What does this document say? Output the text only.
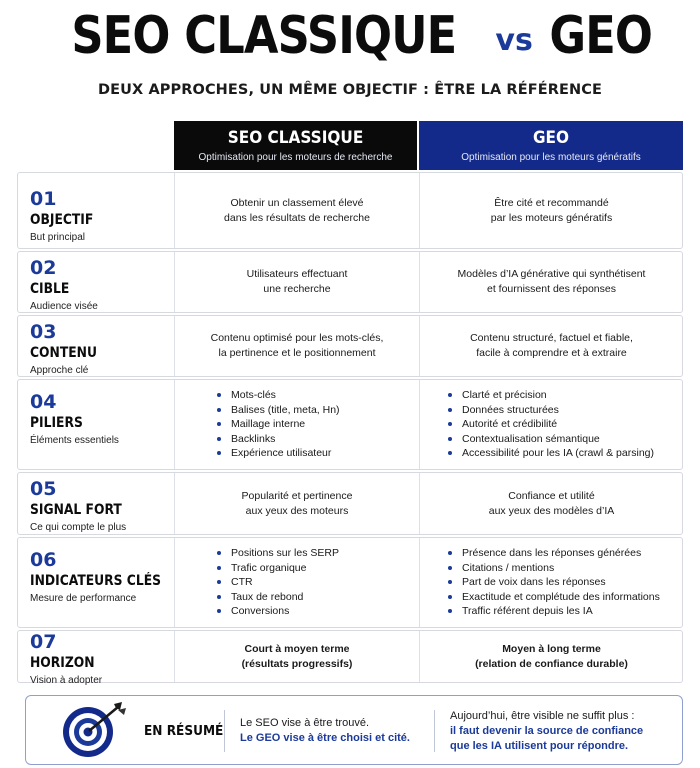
SEO CLASSIQUE vs GEO
DEUX APPROCHES, UN MÊME OBJECTIF : ÊTRE LA RÉFÉRENCE
SEO CLASSIQUE
Optimisation pour les moteurs de recherche
GEO
Optimisation pour les moteurs génératifs
01
OBJECTIF
But principal
Obtenir un classement élevé
dans les résultats de recherche
Être cité et recommandé
par les moteurs génératifs
02
CIBLE
Audience visée
Utilisateurs effectuant
une recherche
Modèles d’IA générative qui synthétisent
et fournissent des réponses
03
CONTENU
Approche clé
Contenu optimisé pour les mots-clés,
la pertinence et le positionnement
Contenu structuré, factuel et fiable,
facile à comprendre et à extraire
04
PILIERS
Éléments essentiels
Mots-clés
Balises (title, meta, Hn)
Maillage interne
Backlinks
Expérience utilisateur
Clarté et précision
Données structurées
Autorité et crédibilité
Contextualisation sémantique
Accessibilité pour les IA (crawl & parsing)
05
SIGNAL FORT
Ce qui compte le plus
Popularité et pertinence
aux yeux des moteurs
Confiance et utilité
aux yeux des modèles d’IA
06
INDICATEURS CLÉS
Mesure de performance
Positions sur les SERP
Trafic organique
CTR
Taux de rebond
Conversions
Présence dans les réponses générées
Citations / mentions
Part de voix dans les réponses
Exactitude et complétude des informations
Traffic référent depuis les IA
07
HORIZON
Vision à adopter
Court à moyen terme
(résultats progressifs)
Moyen à long terme
(relation de confiance durable)
EN RÉSUMÉ Le SEO vise à être trouvé.
Le GEO vise à être choisi et cité.
Aujourd’hui, être visible ne suffit plus :
il faut devenir la source de confiance
que les IA utilisent pour répondre.
